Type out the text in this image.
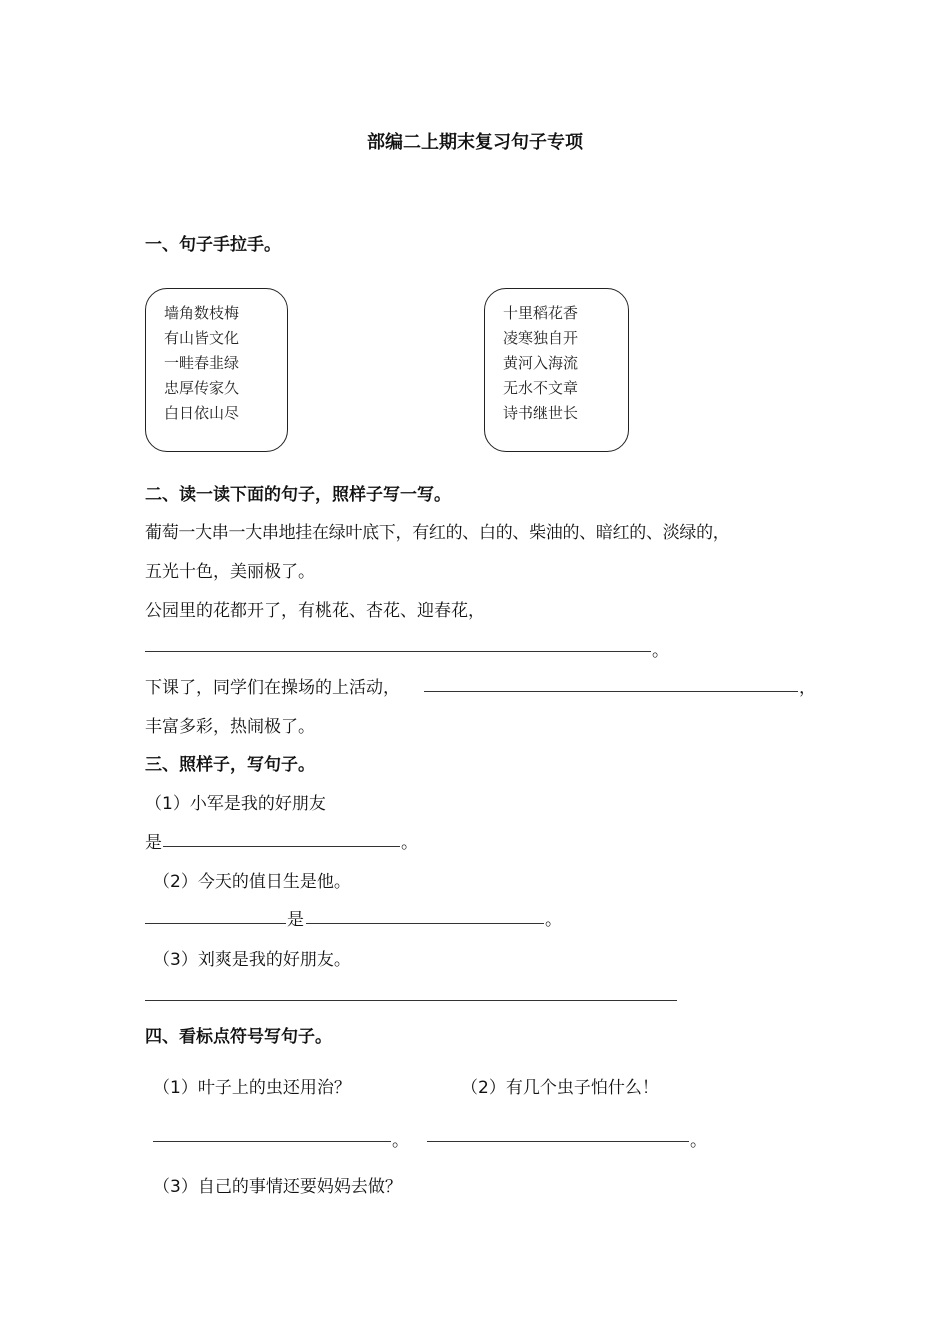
部编二上期末复习句子专项
一、句子手拉手。
墙角数枝梅
有山皆文化
一畦春韭绿
忠厚传家久
白日依山尽
十里稻花香
凌寒独自开
黄河入海流
无水不文章
诗书继世长
二、读一读下面的句子，照样子写一写。
葡萄一大串一大串地挂在绿叶底下，有红的、白的、柴油的、暗红的、淡绿的，
五光十色，美丽极了。
公园里的花都开了，有桃花、杏花、迎春花，
。
下课了，同学们在操场的上活动，	，
丰富多彩，热闹极了。
三、照样子，写句子。
（1）小军是我的好朋友
是	。
（2）今天的值日生是他。
是	。
（3）刘爽是我的好朋友。
四、看标点符号写句子。
（1）叶子上的虫还用治？	（2）有几个虫子怕什么！
。	。
（3）自己的事情还要妈妈去做？
